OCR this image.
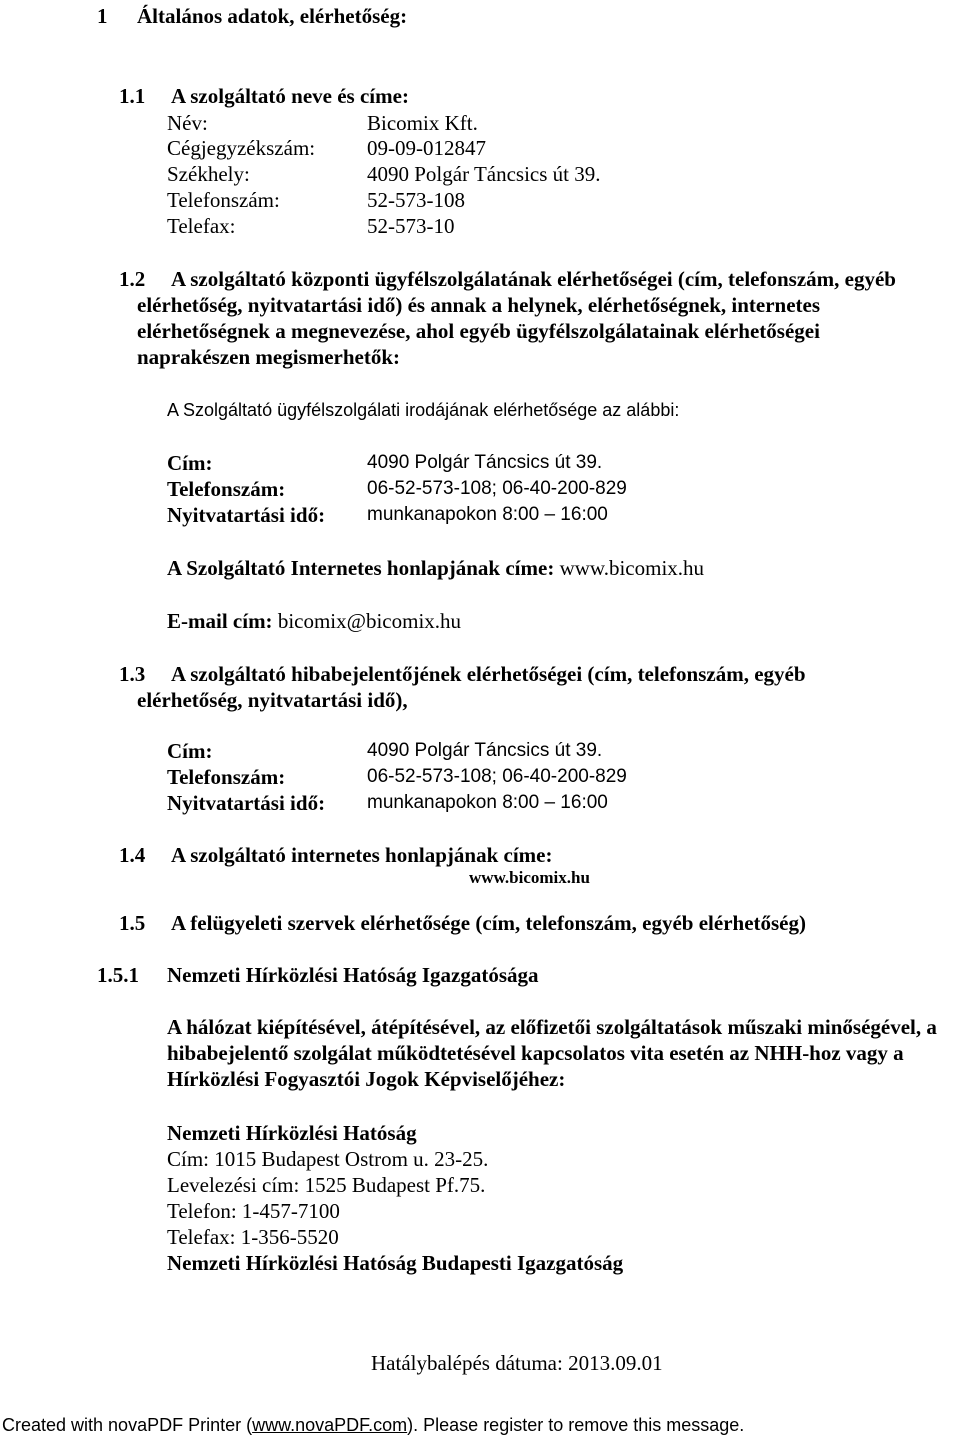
1 Általános adatok, elérhetőség:
1.1 A szolgáltató neve és címe:
Név:	Bicomix Kft.
Cégjegyzékszám: 09-09-012847
Székhely:	4090 Polgár Táncsics út 39.
Telefonszám:	52-573-108
Telefax:	52-573-10
1.2 A szolgáltató központi ügyfélszolgálatának elérhetőségei (cím, telefonszám, egyéb
elérhetőség, nyitvatartási idő) és annak a helynek, elérhetőségnek, internetes elérhetőségnek a megnevezése, ahol egyéb ügyfélszolgálatainak elérhetőségei naprakészen megismerhetők:
A Szolgáltató ügyfélszolgálati irodájának elérhetősége az alábbi:
Cím:	4090 Polgár Táncsics út 39.
Telefonszám:	06-52-573-108; 06-40-200-829
Nyitvatartási idő: munkanapokon 8:00 – 16:00
A Szolgáltató Internetes honlapjának címe: www.bicomix.hu
E-mail cím: bicomix@bicomix.hu
1.3 A szolgáltató hibabejelentőjének elérhetőségei (cím, telefonszám, egyéb
elérhetőség, nyitvatartási idő),
Cím:	4090 Polgár Táncsics út 39.
Telefonszám:	06-52-573-108; 06-40-200-829
Nyitvatartási idő: munkanapokon 8:00 – 16:00
1.4 A szolgáltató internetes honlapjának címe:
www.bicomix.hu
1.5 A felügyeleti szervek elérhetősége (cím, telefonszám, egyéb elérhetőség)
1.5.1 Nemzeti Hírközlési Hatóság Igazgatósága
A hálózat kiépítésével, átépítésével, az előfizetői szolgáltatások műszaki minőségével, a hibabejelentő szolgálat működtetésével kapcsolatos vita esetén az NHH-hoz vagy a Hírközlési Fogyasztói Jogok Képviselőjéhez:
Nemzeti Hírközlési Hatóság
Cím: 1015 Budapest Ostrom u. 23-25.
Levelezési cím: 1525 Budapest Pf.75.
Telefon: 1-457-7100
Telefax: 1-356-5520
Nemzeti Hírközlési Hatóság Budapesti Igazgatóság
Hatálybalépés dátuma: 2013.09.01
Created with novaPDF Printer (www.novaPDF.com). Please register to remove this message.
